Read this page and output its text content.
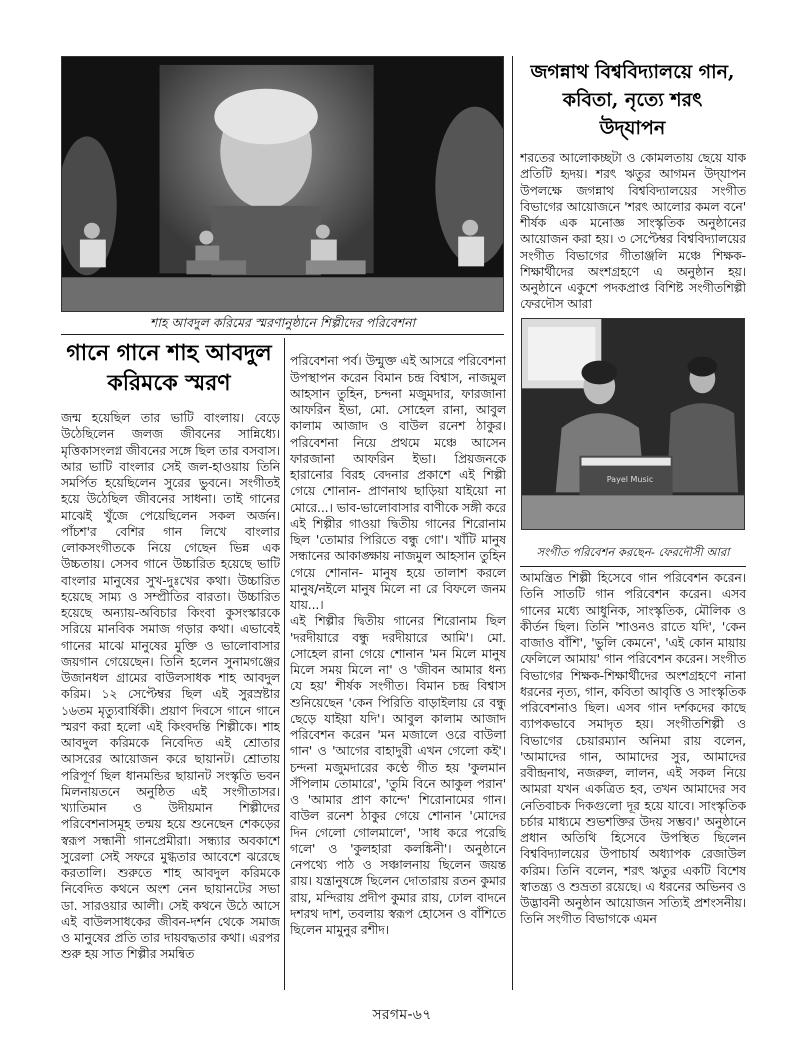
শাহ আবদুল করিমের স্মরণানুষ্ঠানে শিল্পীদের পরিবেশনা
গানে গানে শাহ আবদুল
করিমকে স্মরণ

জন্ম হয়েছিল তার ভাটি বাংলায়। বেড়ে উঠেছিলেন জলজ জীবনের সান্নিধ্যে। মৃত্তিকাসংলগ্ন জীবনের সঙ্গে ছিল তার বসবাস। আর ভাটি বাংলার সেই জল-হাওয়ায় তিনি সমর্পিত হয়েছিলেন সুরের ভুবনে। সংগীতই হয়ে উঠেছিল জীবনের সাধনা। তাই গানের মাঝেই খুঁজে পেয়েছিলেন সকল অর্জন। পাঁচশ'র বেশির গান লিখে বাংলার লোকসংগীতকে নিয়ে গেছেন ভিন্ন এক উচ্চতায়। সেসব গানে উচ্চারিত হয়েছে ভাটি বাংলার মানুষের সুখ-দুঃখের কথা। উচ্চারিত হয়েছে সাম্য ও সম্প্রীতির বারতা। উচ্চারিত হয়েছে অন্যায়-অবিচার কিংবা কুসংস্কারকে সরিয়ে মানবিক সমাজ গড়ার কথা। এভাবেই গানের মাঝে মানুষের মুক্তি ও ভালোবাসার জয়গান গেয়েছেন। তিনি হলেন সুনামগঞ্জের উজানধল গ্রামের বাউলসাধক শাহ আবদুল করিম। ১২ সেপ্টেম্বর ছিল এই সুরস্রষ্টার ১৬তম মৃত্যুবার্ষিকী। প্রয়াণ দিবসে গানে গানে স্মরণ করা হলো এই কিংবদন্তি শিল্পীকে। শাহ আবদুল করিমকে নিবেদিত এই শ্রোতার আসরের আয়োজন করে ছায়ানট। শ্রোতায় পরিপূর্ণ ছিল ধানমন্ডির ছায়ানট সংস্কৃতি ভবন মিলনায়তনে অনুষ্ঠিত এই সংগীতাসর। খ্যাতিমান ও উদীয়মান শিল্পীদের পরিবেশনাসমূহ তন্ময় হয়ে শুনেছেন শেকড়ের স্বরূপ সন্ধানী গানপ্রেমীরা। সন্ধ্যার অবকাশে সুরেলা সেই সফরে মুগ্ধতার আবেশে ঝরেছে করতালি। শুরুতে শাহ আবদুল করিমকে নিবেদিত কথনে অংশ নেন ছায়ানটের সভা ডা. সারওয়ার আলী। সেই কথনে উঠে আসে এই বাউলসাধকের জীবন-দর্শন থেকে সমাজ ও মানুষের প্রতি তার দায়বদ্ধতার কথা। এরপর শুরু হয় সাত শিল্পীর সমন্বিত

পরিবেশনা পর্ব। উন্মুক্ত এই আসরে পরিবেশনা উপস্থাপন করেন বিমান চন্দ্র বিশ্বাস, নাজমুল আহসান তুহিন, চন্দনা মজুমদার, ফারজানা আফরিন ইভা, মো. সোহেল রানা, আবুল কালাম আজাদ ও বাউল রনেশ ঠাকুর। পরিবেশনা নিয়ে প্রথমে মঞ্চে আসেন ফারজানা আফরিন ইভা। প্রিয়জনকে হারানোর বিরহ বেদনার প্রকাশে এই শিল্পী গেয়ে শোনান- প্রাণনাথ ছাড়িয়া যাইয়ো না মোরে...। ভাব-ভালোবাসার বাণীকে সঙ্গী করে এই শিল্পীর গাওয়া দ্বিতীয় গানের শিরোনাম ছিল 'তোমার পিরিতে বন্ধু গো'। খাঁটি মানুষ সন্ধানের আকাঙ্ক্ষায় নাজমুল আহসান তুহিন গেয়ে শোনান- মানুষ হয়ে তালাশ করলে মানুষ/নইলে মানুষ মিলে না রে বিফলে জনম যায়...।
এই শিল্পীর দ্বিতীয় গানের শিরোনাম ছিল 'দরদীয়ারে বন্ধু দরদীয়ারে আমি'। মো. সোহেল রানা গেয়ে শোনান 'মন মিলে মানুষ মিলে সময় মিলে না' ও 'জীবন আমার ধন্য যে হয়' শীর্ষক সংগীত। বিমান চন্দ্র বিশ্বাস শুনিয়েছেন 'কেন পিরিতি বাড়াইলায় রে বন্ধু ছেড়ে যাইয়া যদি'। আবুল কালাম আজাদ পরিবেশন করেন 'মন মজালে ওরে বাউলা গান' ও 'আগের বাহাদুরী এখন গেলো কই'। চন্দনা মজুমদারের কণ্ঠে গীত হয় 'কুলমান সঁপিলাম তোমারে', 'তুমি বিনে আকুল পরান' ও 'আমার প্রাণ কান্দে' শিরোনামের গান। বাউল রনেশ ঠাকুর গেয়ে শোনান 'মোদের দিন গেলো গোলমালে', 'সাধ করে পরেছি গলে' ও 'কুলহারা কলঙ্কিনী'। অনুষ্ঠানে নেপথ্যে পাঠ ও সঞ্চালনায় ছিলেন জয়ন্ত রায়। যন্ত্রানুষঙ্গে ছিলেন দোতারায় রতন কুমার রায়, মন্দিরায় প্রদীপ কুমার রায়, ঢোল বাদনে দশরথ দাশ, তবলায় স্বরূপ হোসেন ও বাঁশিতে ছিলেন মামুনুর রশীদ।

জগন্নাথ বিশ্ববিদ্যালয়ে গান,
কবিতা, নৃত্যে শরৎ
উদ্‌যাপন

শরতের আলোকচ্ছটা ও কোমলতায় ছেয়ে যাক প্রতিটি হৃদয়। শরৎ ঋতুর আগমন উদ্‌যাপন উপলক্ষে জগন্নাথ বিশ্ববিদ্যালয়ের সংগীত বিভাগের আয়োজনে 'শরৎ আলোর কমল বনে' শীর্ষক এক মনোজ্ঞ সাংস্কৃতিক অনুষ্ঠানের আয়োজন করা হয়। ৩ সেপ্টেম্বর বিশ্ববিদ্যালয়ের সংগীত বিভাগের গীতাঞ্জলি মঞ্চে শিক্ষক-শিক্ষার্থীদের অংশগ্রহণে এ অনুষ্ঠান হয়। অনুষ্ঠানে একুশে পদকপ্রাপ্ত বিশিষ্ট সংগীতশিল্পী ফেরদৌস আরা

Payel Music
সংগীত পরিবেশন করছেন- ফেরদৌসী আরা

আমন্ত্রিত শিল্পী হিসেবে গান পরিবেশন করেন। তিনি সাতটি গান পরিবেশন করেন। এসব গানের মধ্যে আধুনিক, সাংস্কৃতিক, মৌলিক ও কীর্তন ছিল। তিনি 'শাওনও রাতে যদি', 'কেন বাজাও বাঁশি', 'ভুলি কেমনে', 'এই কোন মায়ায় ফেলিলে আমায়' গান পরিবেশন করেন। সংগীত বিভাগের শিক্ষক-শিক্ষার্থীদের অংশগ্রহণে নানা ধরনের নৃত্য, গান, কবিতা আবৃত্তি ও সাংস্কৃতিক পরিবেশনাও ছিল। এসব গান দর্শকদের কাছে ব্যাপকভাবে সমাদৃত হয়। সংগীতশিল্পী ও বিভাগের চেয়ারম্যান অনিমা রায় বলেন, 'আমাদের গান, আমাদের সুর, আমাদের রবীন্দ্রনাথ, নজরুল, লালন, এই সকল নিয়ে আমরা যখন একত্রিত হব, তখন আমাদের সব নেতিবাচক দিকগুলো দূর হয়ে যাবে। সাংস্কৃতিক চর্চার মাধ্যমে শুভশক্তির উদয় সম্ভব।' অনুষ্ঠানে প্রধান অতিথি হিসেবে উপস্থিত ছিলেন বিশ্ববিদ্যালয়ের উপাচার্য অধ্যাপক রেজাউল করিম। তিনি বলেন, শরৎ ঋতুর একটি বিশেষ স্বাতন্ত্র্য ও শুভ্রতা রয়েছে। এ ধরনের অভিনব ও উদ্ভাবনী অনুষ্ঠান আয়োজন সত্যিই প্রশংসনীয়। তিনি সংগীত বিভাগকে এমন

সরগম-৬৭
